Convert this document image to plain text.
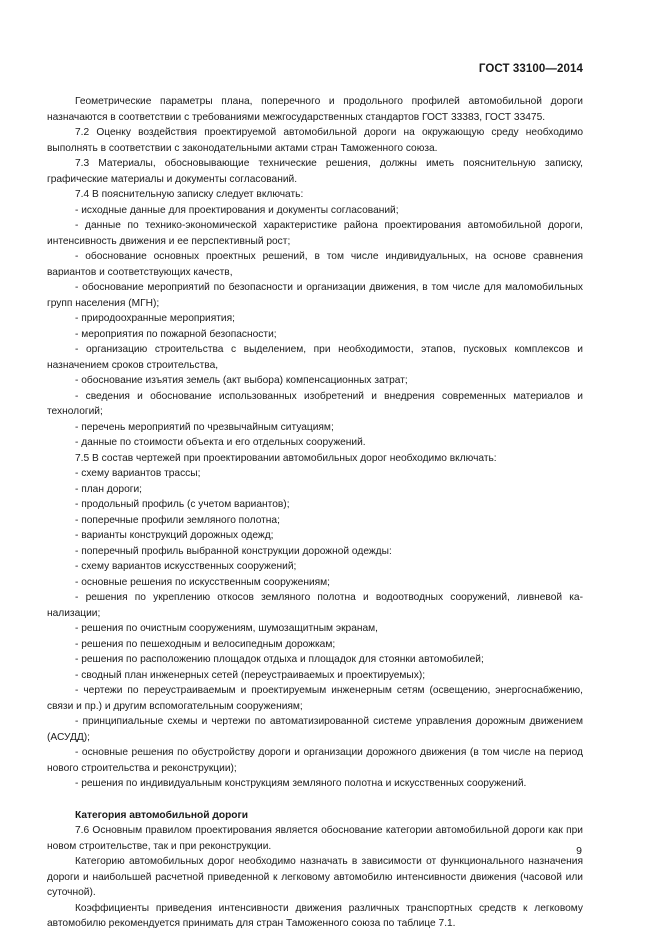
ГОСТ 33100—2014

Геометрические параметры плана, поперечного и продольного профилей автомобильной дороги назначаются в соответствии с требованиями межгосударственных стандартов ГОСТ 33383, ГОСТ 33475.

7.2 Оценку воздействия проектируемой автомобильной дороги на окружающую среду необходимо выполнять в соответствии с законодательными актами стран Таможенного союза.

7.3 Материалы, обосновывающие технические решения, должны иметь пояснительную записку, графические материалы и документы согласований.

7.4 В пояснительную записку следует включать:

- исходные данные для проектирования и документы согласований;

- данные по технико-экономической характеристике района проектирования автомобильной дороги, интенсивность движения и ее перспективный рост;

- обоснование основных проектных решений, в том числе индивидуальных, на основе сравнения вариантов и соответствующих качеств,

- обоснование мероприятий по безопасности и организации движения, в том числе для маломобильных групп населения (МГН);

- природоохранные мероприятия;

- мероприятия по пожарной безопасности;

- организацию строительства с выделением, при необходимости, этапов, пусковых комплексов и назначением сроков строительства,

- обоснование изъятия земель (акт выбора) компенсационных затрат;

- сведения и обоснование использованных изобретений и внедрения современных материалов и технологий;

- перечень мероприятий по чрезвычайным ситуациям;

- данные по стоимости объекта и его отдельных сооружений.

7.5 В состав чертежей при проектировании автомобильных дорог необходимо включать:

- схему вариантов трассы;

- план дороги;

- продольный профиль (с учетом вариантов);

- поперечные профили земляного полотна;

- варианты конструкций дорожных одежд;

- поперечный профиль выбранной конструкции дорожной одежды:

- схему вариантов искусственных сооружений;

- основные решения по искусственным сооружениям;

- решения по укреплению откосов земляного полотна и водоотводных сооружений, ливневой канализации;

- решения по очистным сооружениям, шумозащитным экранам,

- решения по пешеходным и велосипедным дорожкам;

- решения по расположению площадок отдыха и площадок для стоянки автомобилей;

- сводный план инженерных сетей (переустраиваемых и проектируемых);

- чертежи по переустраиваемым и проектируемым инженерным сетям (освещению, энергоснабжению, связи и пр.) и другим вспомогательным сооружениям;

- принципиальные схемы и чертежи по автоматизированной системе управления дорожным движением (АСУДД);

- основные решения по обустройству дороги и организации дорожного движения (в том числе на период нового строительства и реконструкции);

- решения по индивидуальным конструкциям земляного полотна и искусственных сооружений.

Категория автомобильной дороги

7.6 Основным правилом проектирования является обоснование категории автомобильной дороги как при новом строительстве, так и при реконструкции.

Категорию автомобильных дорог необходимо назначать в зависимости от функционального назначения дороги и наибольшей расчетной приведенной к легковому автомобилю интенсивности движения (часовой или суточной).

Коэффициенты приведения интенсивности движения различных транспортных средств к легковому автомобилю рекомендуется принимать для стран Таможенного союза по таблице 7.1.

9
